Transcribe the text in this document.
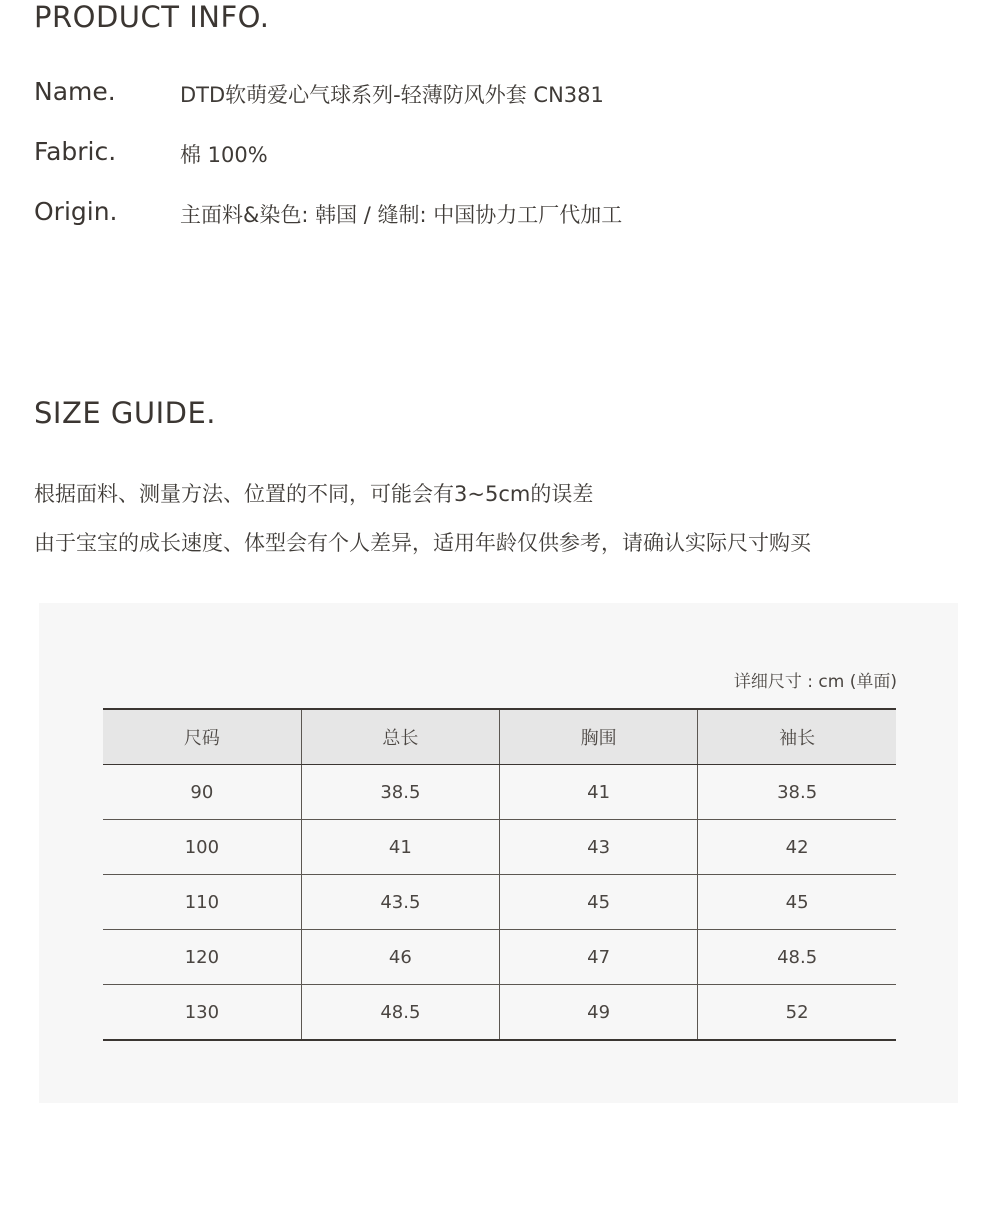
PRODUCT INFO.
Name.	DTD软萌爱心气球系列-轻薄防风外套 CN381
Fabric.	棉 100%
Origin.	主面料&染色: 韩国 / 缝制: 中国协力工厂代加工
SIZE GUIDE.
根据面料、测量方法、位置的不同，可能会有3~5cm的误差
由于宝宝的成长速度、体型会有个人差异，适用年龄仅供参考，请确认实际尺寸购买
详细尺寸 : cm (单面)
尺码	总长	胸围	袖长
90	38.5	41	38.5
100	41	43	42
110	43.5	45	45
120	46	47	48.5
130	48.5	49	52
